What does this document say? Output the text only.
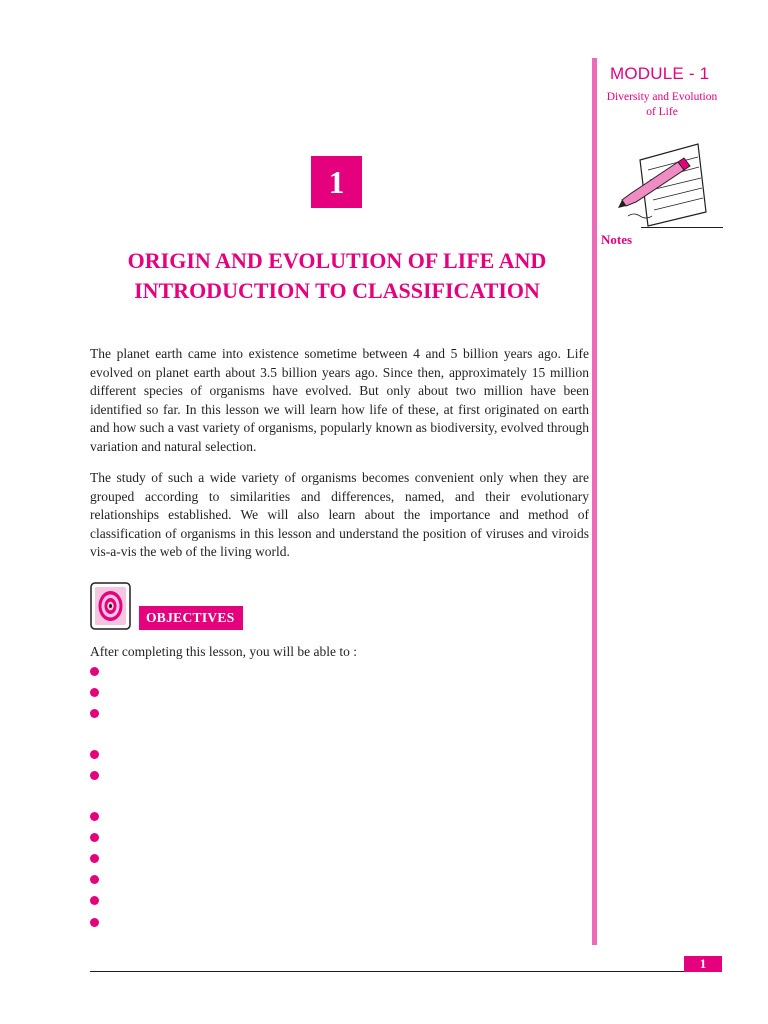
MODULE - 1
Diversity and Evolution
of Life
Notes
1
ORIGIN AND EVOLUTION OF LIFE AND
INTRODUCTION TO CLASSIFICATION

The planet earth came into existence sometime between 4 and 5 billion years ago. Life evolved on planet earth about 3.5 billion years ago. Since then, approximately 15 million different species of organisms have evolved. But only about two million have been identified so far. In this lesson we will learn how life of these, at first originated on earth and how such a vast variety of organisms, popularly known as biodiversity, evolved through variation and natural selection.

The study of such a wide variety of organisms becomes convenient only when they are grouped according to similarities and differences, named, and their evolutionary relationships established. We will also learn about the importance and method of classification of organisms in this lesson and understand the position of viruses and viroids vis-a-vis the web of the living world.

OBJECTIVES
After completing this lesson, you will be able to :
1
